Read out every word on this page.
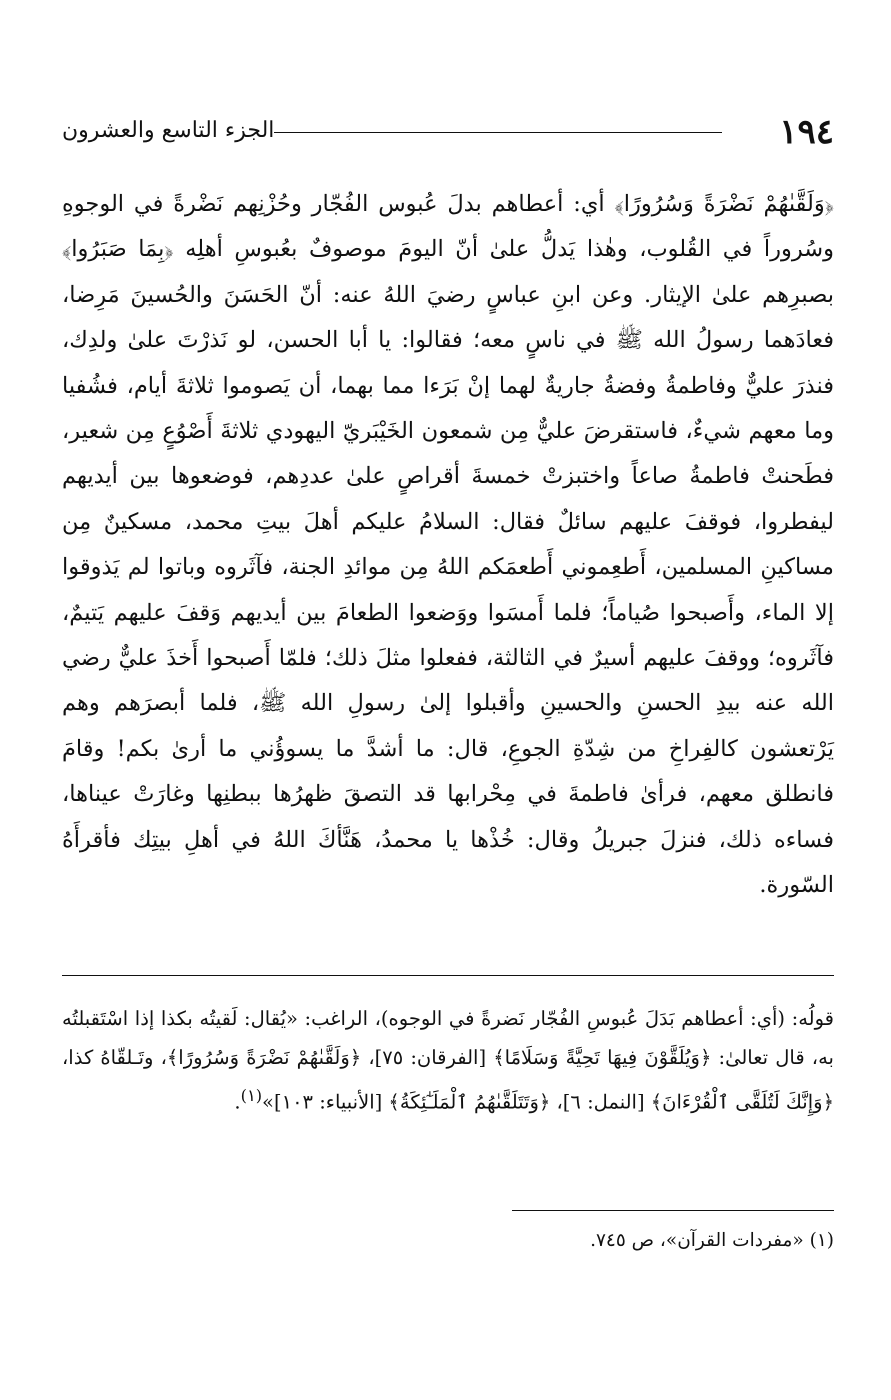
١٩٤
الجزء التاسع والعشرون

﴿وَلَقَّىٰهُمْ نَضْرَةً وَسُرُورًا﴾ أي: أعطاهم بدلَ عُبوس الفُجّار وحُزْنِهم نَضْرةً في الوجوهِ وسُروراً في القُلوب، وهٰذا يَدلُّ علىٰ أنّ اليومَ موصوفٌ بعُبوسِ أهلِه ﴿بِمَا صَبَرُوا﴾ بصبرِهم علىٰ الإيثار. وعن ابنِ عباسٍ رضيَ اللهُ عنه: أنّ الحَسَنَ والحُسينَ مَرِضا، فعادَهما رسولُ الله ﷺ في ناسٍ معه؛ فقالوا: يا أبا الحسن، لو نَذرْتَ علىٰ ولدِك، فنذرَ عليٌّ وفاطمةُ وفضةُ جاريةٌ لهما إنْ بَرَءا مما بهما، أن يَصوموا ثلاثةَ أيام، فشُفيا وما معهم شيءٌ، فاستقرضَ عليٌّ مِن شمعون الخَيْبَريّ اليهودي ثلاثةَ أَصْوُعٍ مِن شعير، فطَحنتْ فاطمةُ صاعاً واختبزتْ خمسةَ أقراصٍ علىٰ عددِهم، فوضعوها بين أيديهم ليفطروا، فوقفَ عليهم سائلٌ فقال: السلامُ عليكم أهلَ بيتِ محمد، مسكينٌ مِن مساكينِ المسلمين، أَطعِموني أَطعمَكم اللهُ مِن موائدِ الجنة، فآثَروه وباتوا لم يَذوقوا إلا الماء، وأَصبحوا صُياماً؛ فلما أَمسَوا ووَضعوا الطعامَ بين أيديهم وَقفَ عليهم يَتيمٌ، فآثَروه؛ ووقفَ عليهم أسيرٌ في الثالثة، ففعلوا مثلَ ذلك؛ فلمّا أَصبحوا أَخذَ عليٌّ رضي الله عنه بيدِ الحسنِ والحسينِ وأقبلوا إلىٰ رسولِ الله ﷺ، فلما أبصرَهم وهم يَرْتعشون كالفِراخِ من شِدّةِ الجوعِ، قال: ما أشدَّ ما يسوؤُني ما أرىٰ بكم! وقامَ فانطلق معهم، فرأىٰ فاطمةَ في مِحْرابها قد التصقَ ظهرُها ببطنِها وغارَتْ عيناها، فساءه ذلك، فنزلَ جبريلُ وقال: خُذْها يا محمدُ، هَنَّأكَ اللهُ في أهلِ بيتِك فأقرأَهُ السّورة.

قولُه: (أي: أعطاهم بَدَلَ عُبوسِ الفُجّار نَضرةً في الوجوه)، الراغب: «يُقال: لَقيتُه بكذا إذا اسْتَقبلتُه به، قال تعالىٰ: ﴿وَيُلَقَّوْنَ فِيهَا تَحِيَّةً وَسَلَامًا﴾ [الفرقان: ٧٥]، ﴿وَلَقَّىٰهُمْ نَضْرَةً وَسُرُورًا﴾، وتَـلقّاهُ كذا، ﴿وَإِنَّكَ لَتُلَقَّى ٱلْقُرْءَانَ﴾ [النمل: ٦]، ﴿وَتَتَلَقَّىٰهُمُ ٱلْمَلَـٰٓئِكَةُ﴾ [الأنبياء: ١٠٣]»$^{(١)}$.

(١) «مفردات القرآن»، ص ٧٤٥.
